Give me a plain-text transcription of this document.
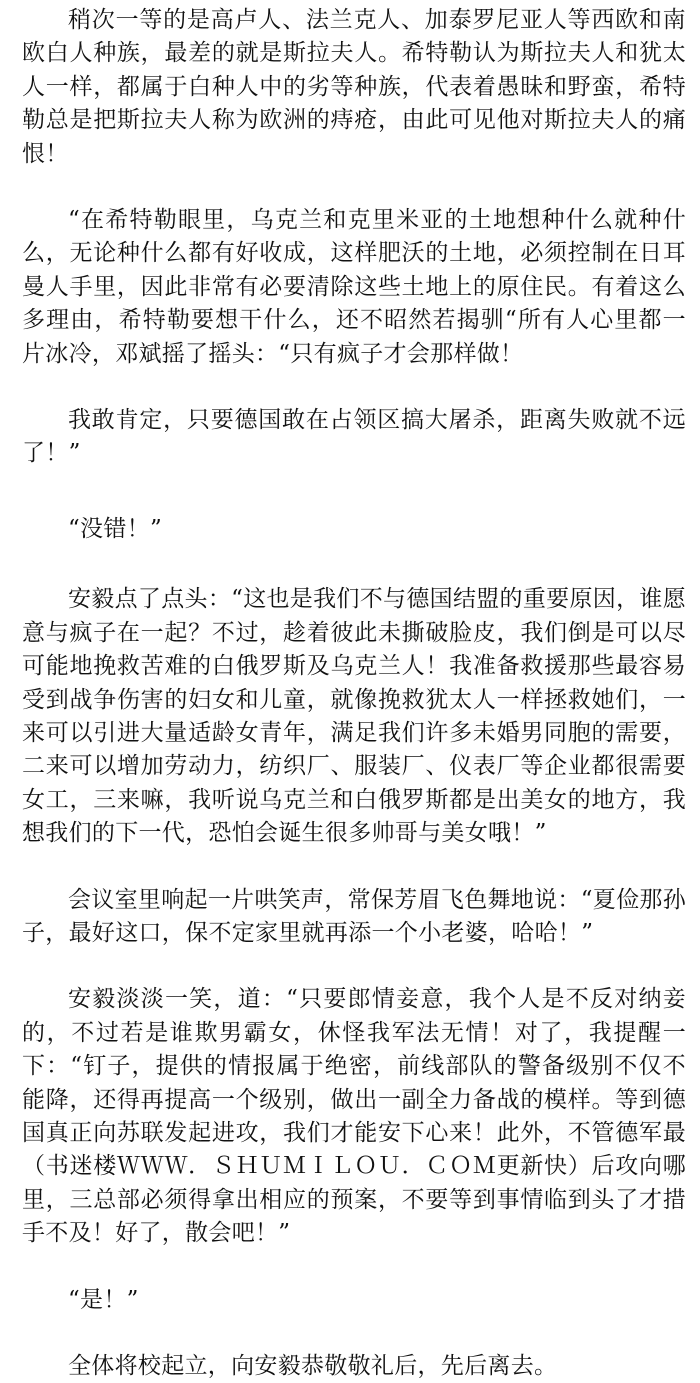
稍次一等的是高卢人、法兰克人、加泰罗尼亚人等西欧和南欧白人种族，最差的就是斯拉夫人。希特勒认为斯拉夫人和犹太人一样，都属于白种人中的劣等种族，代表着愚昧和野蛮，希特勒总是把斯拉夫人称为欧洲的痔疮，由此可见他对斯拉夫人的痛恨！

“在希特勒眼里，乌克兰和克里米亚的土地想种什么就种什么，无论种什么都有好收成，这样肥沃的土地，必须控制在日耳曼人手里，因此非常有必要清除这些土地上的原住民。有着这么多理由，希特勒要想干什么，还不昭然若揭驯“所有人心里都一片冰冷，邓斌摇了摇头：“只有疯子才会那样做！

我敢肯定，只要德国敢在占领区搞大屠杀，距离失败就不远了！”

“没错！”

安毅点了点头：“这也是我们不与德国结盟的重要原因，谁愿意与疯子在一起？不过，趁着彼此未撕破脸皮，我们倒是可以尽可能地挽救苦难的白俄罗斯及乌克兰人！我准备救援那些最容易受到战争伤害的妇女和儿童，就像挽救犹太人一样拯救她们，一来可以引进大量适龄女青年，满足我们许多未婚男同胞的需要，二来可以增加劳动力，纺织厂、服装厂、仪表厂等企业都很需要女工，三来嘛，我听说乌克兰和白俄罗斯都是出美女的地方，我想我们的下一代，恐怕会诞生很多帅哥与美女哦！”

会议室里响起一片哄笑声，常保芳眉飞色舞地说：“夏俭那孙子，最好这口，保不定家里就再添一个小老婆，哈哈！”

安毅淡淡一笑，道：“只要郎情妾意，我个人是不反对纳妾的，不过若是谁欺男霸女，休怪我军法无情！对了，我提醒一下：“钉子，提供的情报属于绝密，前线部队的警备级别不仅不能降，还得再提高一个级别，做出一副全力备战的模样。等到德国真正向苏联发起进攻，我们才能安下心来！此外，不管德军最（书迷楼ＷＷＷ．ＳＨＵＭＩＬＯＵ．ＣＯＭ更新快）后攻向哪里，三总部必须得拿出相应的预案，不要等到事情临到头了才措手不及！好了，散会吧！”

“是！”

全体将校起立，向安毅恭敬敬礼后，先后离去。
